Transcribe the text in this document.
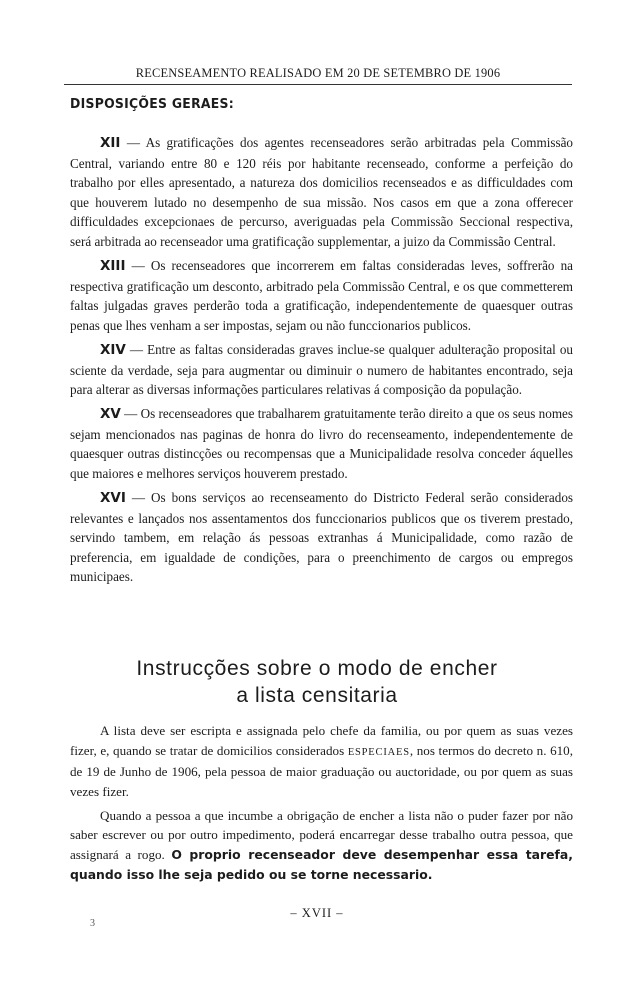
RECENSEAMENTO REALISADO EM 20 DE SETEMBRO DE 1906
DISPOSIÇÕES GERAES:

XII — As gratificações dos agentes recenseadores serão arbitradas pela Commissão Central, variando entre 80 e 120 réis por habitante recenseado, conforme a perfeição do trabalho por elles apresentado, a natureza dos domicilios recenseados e as difficuldades com que houverem lutado no desempenho de sua missão. Nos casos em que a zona offerecer difficuldades excepcionaes de percurso, averiguadas pela Commissão Seccional respectiva, será arbitrada ao recenseador uma gratificação supplementar, a juizo da Commissão Central.

XIII — Os recenseadores que incorrerem em faltas consideradas leves, soffrerão na respectiva gratificação um desconto, arbitrado pela Commissão Central, e os que commetterem faltas julgadas graves perderão toda a gratificação, independentemente de quaesquer outras penas que lhes venham a ser impostas, sejam ou não funccionarios publicos.

XIV — Entre as faltas consideradas graves inclue-se qualquer adulteração proposital ou sciente da verdade, seja para augmentar ou diminuir o numero de habitantes encontrado, seja para alterar as diversas informações particulares relativas á composição da população.

XV — Os recenseadores que trabalharem gratuitamente terão direito a que os seus nomes sejam mencionados nas paginas de honra do livro do recenseamento, independentemente de quaesquer outras distincções ou recompensas que a Municipalidade resolva conceder áquelles que maiores e melhores serviços houverem prestado.

XVI — Os bons serviços ao recenseamento do Districto Federal serão considerados relevantes e lançados nos assentamentos dos funccionarios publicos que os tiverem prestado, servindo tambem, em relação ás pessoas extranhas á Municipalidade, como razão de preferencia, em igualdade de condições, para o preenchimento de cargos ou empregos municipaes.

Instrucções sobre o modo de encher
a lista censitaria

A lista deve ser escripta e assignada pelo chefe da familia, ou por quem as suas vezes fizer, e, quando se tratar de domicilios considerados ESPECIAES, nos termos do decreto n. 610, de 19 de Junho de 1906, pela pessoa de maior graduação ou auctoridade, ou por quem as suas vezes fizer.

Quando a pessoa a que incumbe a obrigação de encher a lista não o puder fazer por não saber escrever ou por outro impedimento, poderá encarregar desse trabalho outra pessoa, que assignará a rogo. O proprio recenseador deve desempenhar essa tarefa, quando isso lhe seja pedido ou se torne necessario.

– XVII –
3
